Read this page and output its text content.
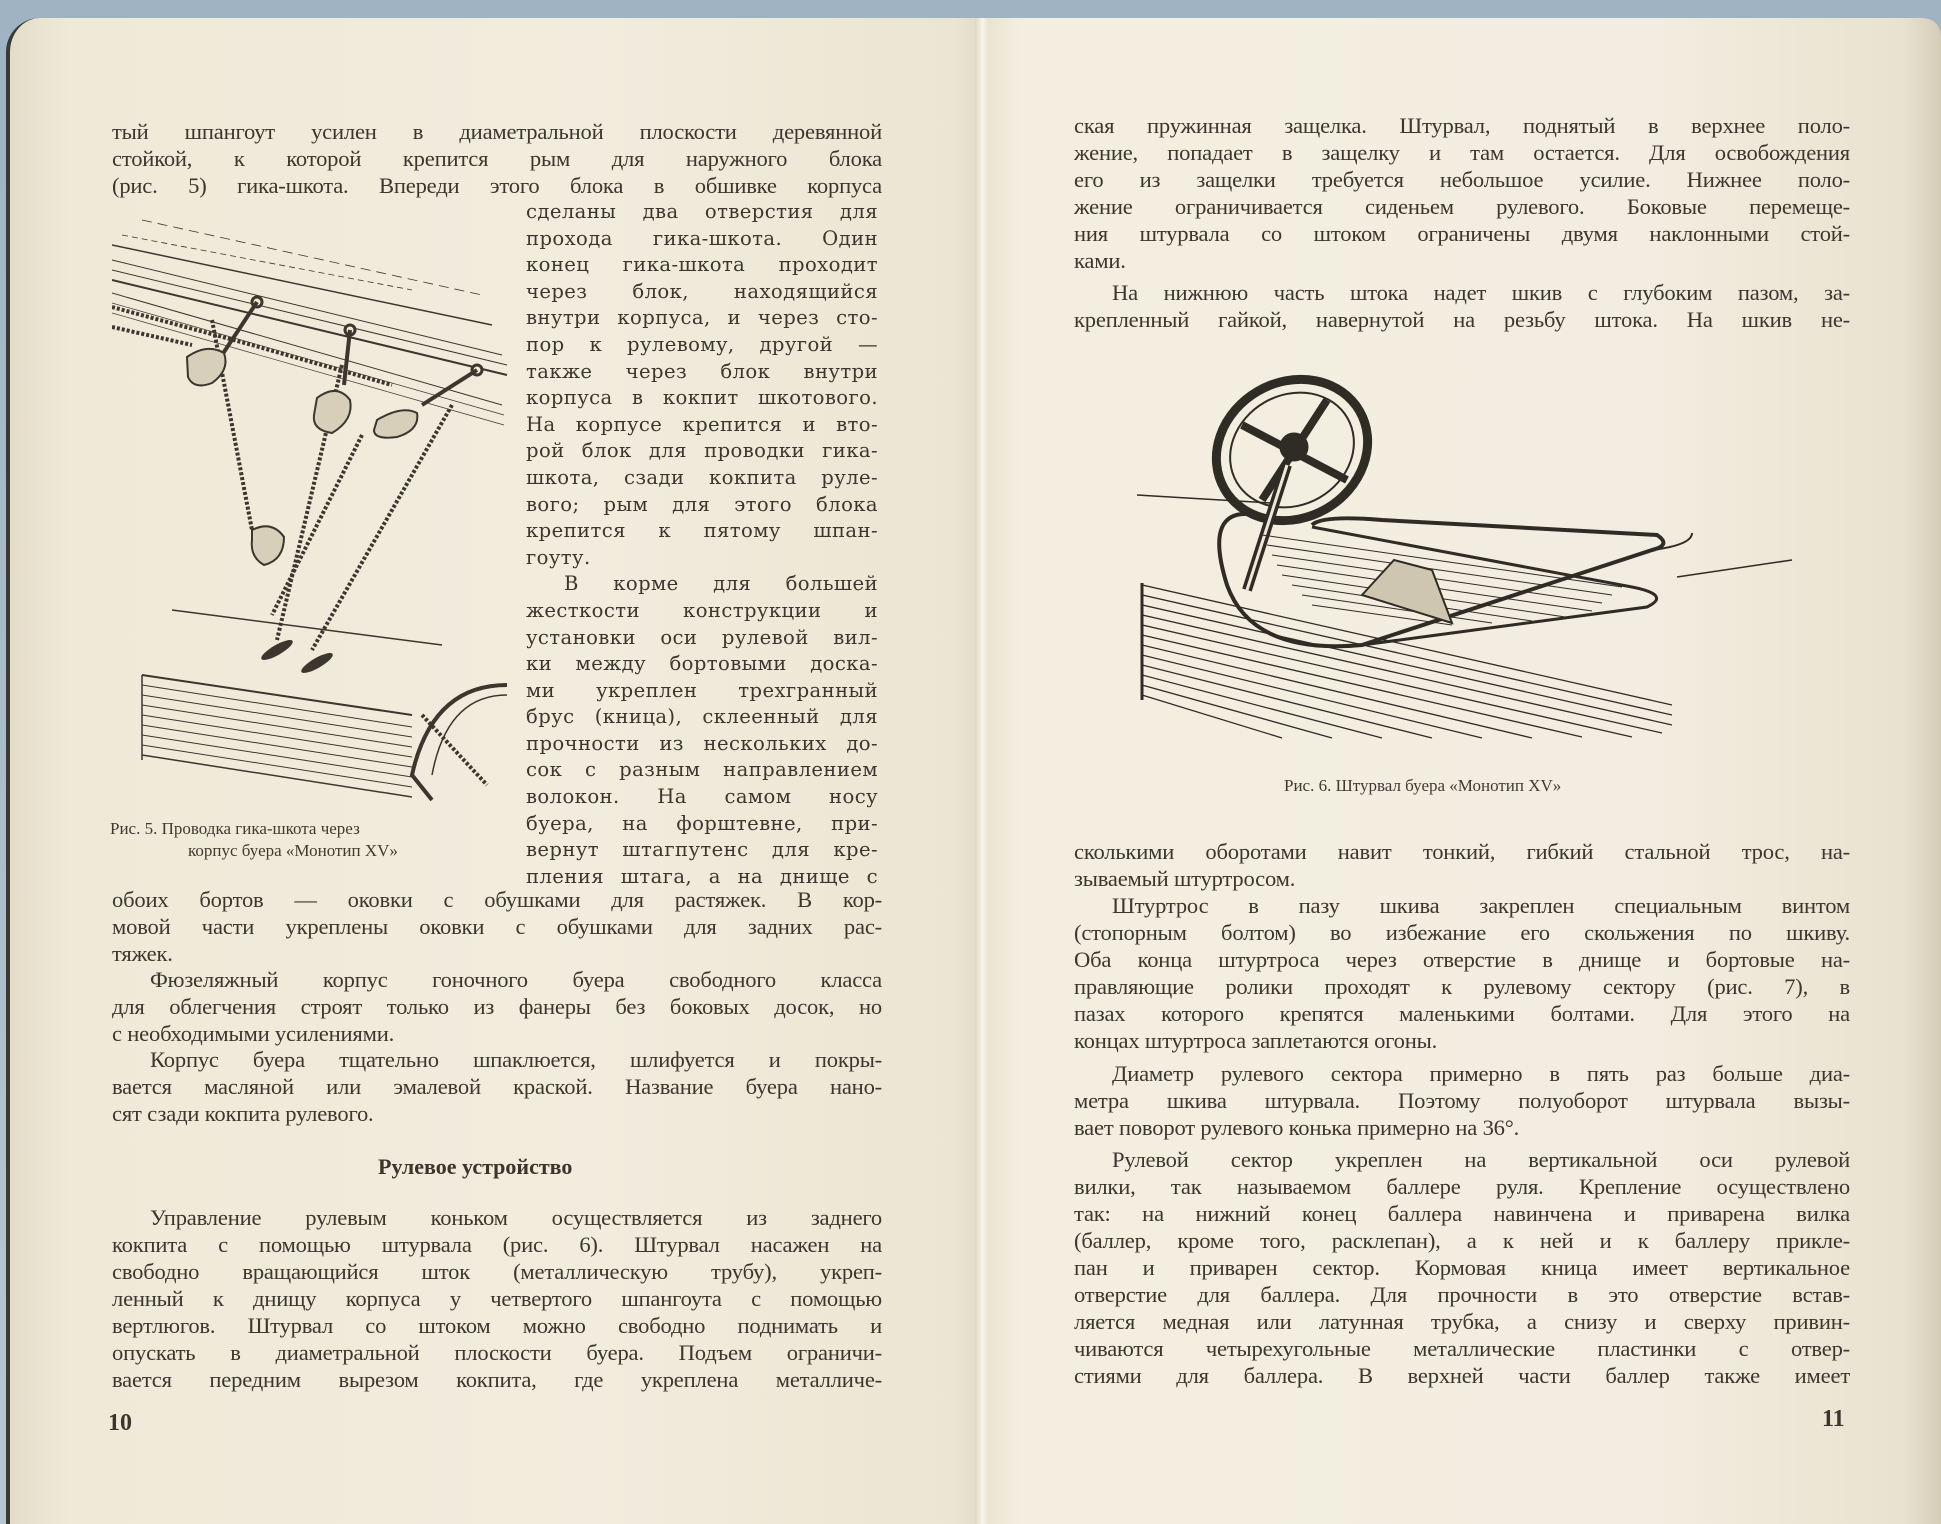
тый шпангоут усилен в диаметральной плоскости деревянной
стойкой, к которой крепится рым для наружного блока
(рис. 5) гика-шкота. Впереди этого блока в обшивке корпуса
сделаны два отверстия для
прохода гика-шкота. Один
конец гика-шкота проходит
через блок, находящийся
внутри корпуса, и через сто-
пор к рулевому, другой —
также через блок внутри
корпуса в кокпит шкотового.
На корпусе крепится и вто-
рой блок для проводки гика-
шкота, сзади кокпита руле-
вого; рым для этого блока
крепится к пятому шпан-
гоуту.
В корме для большей
жесткости конструкции и
установки оси рулевой вил-
ки между бортовыми доска-
ми укреплен трехгранный
брус (кница), склеенный для
прочности из нескольких до-
сок с разным направлением
волокон. На самом носу
буера, на форштевне, при-
вернут штагпутенс для кре-
пления штага, а на днище с
Рис. 5. Проводка гика-шкота через
корпус буера «Монотип XV»
обоих бортов — оковки с обушками для растяжек. В кор-
мовой части укреплены оковки с обушками для задних рас-
тяжек.
Фюзеляжный корпус гоночного буера свободного класса
для облегчения строят только из фанеры без боковых досок, но
с необходимыми усилениями.
Корпус буера тщательно шпаклюется, шлифуется и покры-
вается масляной или эмалевой краской. Название буера нано-
сят сзади кокпита рулевого.
Рулевое устройство
Управление рулевым коньком осуществляется из заднего
кокпита с помощью штурвала (рис. 6). Штурвал насажен на
свободно вращающийся шток (металлическую трубу), укреп-
ленный к днищу корпуса у четвертого шпангоута с помощью
вертлюгов. Штурвал со штоком можно свободно поднимать и
опускать в диаметральной плоскости буера. Подъем ограничи-
вается передним вырезом кокпита, где укреплена металличе-
10
ская пружинная защелка. Штурвал, поднятый в верхнее поло-
жение, попадает в защелку и там остается. Для освобождения
его из защелки требуется небольшое усилие. Нижнее поло-
жение ограничивается сиденьем рулевого. Боковые перемеще-
ния штурвала со штоком ограничены двумя наклонными стой-
ками.
На нижнюю часть штока надет шкив с глубоким пазом, за-
крепленный гайкой, навернутой на резьбу штока. На шкив не-
Рис. 6. Штурвал буера «Монотип XV»
сколькими оборотами навит тонкий, гибкий стальной трос, на-
зываемый штуртросом.
Штуртрос в пазу шкива закреплен специальным винтом
(стопорным болтом) во избежание его скольжения по шкиву.
Оба конца штуртроса через отверстие в днище и бортовые на-
правляющие ролики проходят к рулевому сектору (рис. 7), в
пазах которого крепятся маленькими болтами. Для этого на
концах штуртроса заплетаются огоны.
Диаметр рулевого сектора примерно в пять раз больше диа-
метра шкива штурвала. Поэтому полуоборот штурвала вызы-
вает поворот рулевого конька примерно на 36°.
Рулевой сектор укреплен на вертикальной оси рулевой
вилки, так называемом баллере руля. Крепление осуществлено
так: на нижний конец баллера навинчена и приварена вилка
(баллер, кроме того, расклепан), а к ней и к баллеру прикле-
пан и приварен сектор. Кормовая кница имеет вертикальное
отверстие для баллера. Для прочности в это отверстие встав-
ляется медная или латунная трубка, а снизу и сверху привин-
чиваются четырехугольные металлические пластинки с отвер-
стиями для баллера. В верхней части баллер также имеет
11
